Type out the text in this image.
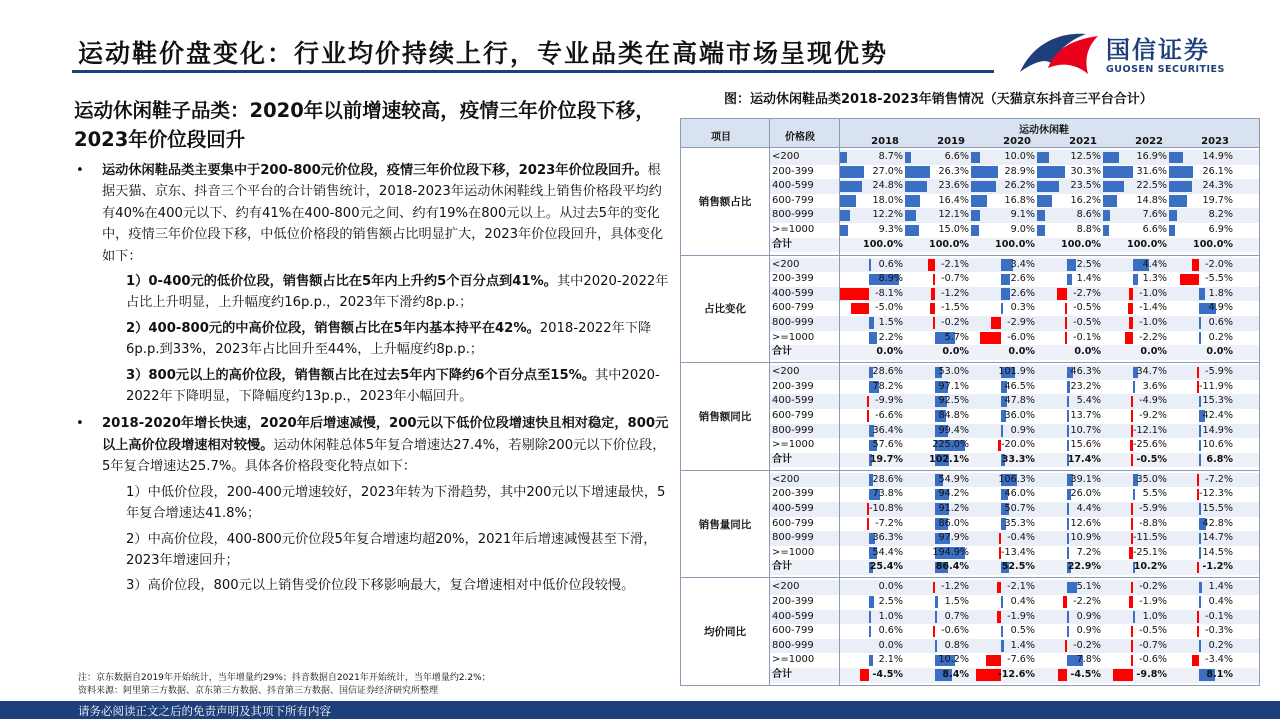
运动鞋价盘变化：行业均价持续上行，专业品类在高端市场呈现优势	国信证券
GUOSEN SECURITIES
运动休闲鞋子品类：2020年以前增速较高，疫情三年价位段下移，2023年价位段回升
• 运动休闲鞋品类主要集中于200-800元价位段，疫情三年价位段下移，2023年价位段回升。根据天猫、京东、抖音三个平台的合计销售统计，2018-2023年运动休闲鞋线上销售价格段平均约有40%在400元以下、约有41%在400-800元之间、约有19%在800元以上。从过去5年的变化中，疫情三年价位段下移，中低位价格段的销售额占比明显扩大，2023年价位段回升，具体变化如下：
1）0-400元的低价位段，销售额占比在5年内上升约5个百分点到41%。其中2020-2022年占比上升明显，上升幅度约16p.p.，2023年下滑约8p.p.；
2）400-800元的中高价位段，销售额占比在5年内基本持平在42%。2018-2022年下降6p.p.到33%，2023年占比回升至44%，上升幅度约8p.p.；
3）800元以上的高价位段，销售额占比在过去5年内下降约6个百分点至15%。其中2020-2022年下降明显，下降幅度约13p.p.，2023年小幅回升。
• 2018-2020年增长快速，2020年后增速减慢，200元以下低价位段增速快且相对稳定，800元以上高价位段增速相对较慢。运动休闲鞋总体5年复合增速达27.4%，若剔除200元以下价位段，5年复合增速达25.7%。具体各价格段变化特点如下：
1）中低价位段，200-400元增速较好，2023年转为下滑趋势，其中200元以下增速最快，5年复合增速达41.8%；
2）中高价位段，400-800元价位段5年复合增速均超20%，2021年后增速减慢甚至下滑，2023年增速回升；
3）高价位段，800元以上销售受价位段下移影响最大，复合增速相对中低价位段较慢。
注：京东数据自2019年开始统计，当年增量约29%；抖音数据自2021年开始统计，当年增量约2.2%；
资料来源：阿里第三方数据、京东第三方数据、抖音第三方数据、国信证券经济研究所整理
请务必阅读正文之后的免责声明及其项下所有内容
图：运动休闲鞋品类2018-2023年销售情况（天猫京东抖音三平台合计）
项目	价格段
运动休闲鞋
2018	2019	2020	2021	2022	2023
销售额占比
<200	8.7%	6.6%	10.0%	12.5%	16.9%	14.9%
200-399	27.0%	26.3%	28.9%	30.3%	31.6%	26.1%
400-599	24.8%	23.6%	26.2%	23.5%	22.5%	24.3%
600-799	18.0%	16.4%	16.8%	16.2%	14.8%	19.7%
800-999	12.2%	12.1%	9.1%	8.6%	7.6%	8.2%
>=1000	9.3%	15.0%	9.0%	8.8%	6.6%	6.9%
合计	100.0%	100.0%	100.0%	100.0%	100.0%	100.0%
占比变化
<200	0.6%	-2.1%	3.4%	2.5%	4.4%	-2.0%
200-399	8.9%	-0.7%	2.6%	1.4%	1.3%	-5.5%
400-599	-8.1%	-1.2%	2.6%	-2.7%	-1.0%	1.8%
600-799	-5.0%	-1.5%	0.3%	-0.5%	-1.4%	4.9%
800-999	1.5%	-0.2%	-2.9%	-0.5%	-1.0%	0.6%
>=1000	2.2%	5.7%	-6.0%	-0.1%	-2.2%	0.2%
合计	0.0%	0.0%	0.0%	0.0%	0.0%	0.0%
销售额同比
<200	28.6%	53.0%	101.9%	46.3%	34.7%	-5.9%
200-399	78.2%	97.1%	46.5%	23.2%	3.6%	-11.9%
400-599	-9.9%	92.5%	47.8%	5.4%	-4.9%	15.3%
600-799	-6.6%	84.8%	36.0%	13.7%	-9.2%	42.4%
800-999	36.4%	99.4%	0.9%	10.7%	-12.1%	14.9%
>=1000	57.6%	225.0%	-20.0%	15.6%	-25.6%	10.6%
合计	19.7%	102.1%	33.3%	17.4%	-0.5%	6.8%
销售量同比
<200	28.6%	54.9%	106.3%	39.1%	35.0%	-7.2%
200-399	73.8%	94.2%	46.0%	26.0%	5.5%	-12.3%
400-599	-10.8%	91.2%	50.7%	4.4%	-5.9%	15.5%
600-799	-7.2%	86.0%	35.3%	12.6%	-8.8%	42.8%
800-999	36.3%	97.9%	-0.4%	10.9%	-11.5%	14.7%
>=1000	54.4%	194.9%	-13.4%	7.2%	-25.1%	14.5%
合计	25.4%	86.4%	52.5%	22.9%	10.2%	-1.2%
均价同比
<200	0.0%	-1.2%	-2.1%	5.1%	-0.2%	1.4%
200-399	2.5%	1.5%	0.4%	-2.2%	-1.9%	0.4%
400-599	1.0%	0.7%	-1.9%	0.9%	1.0%	-0.1%
600-799	0.6%	-0.6%	0.5%	0.9%	-0.5%	-0.3%
800-999	0.0%	0.8%	1.4%	-0.2%	-0.7%	0.2%
>=1000	2.1%	10.2%	-7.6%	7.8%	-0.6%	-3.4%
合计	-4.5%	8.4%	-12.6%	-4.5%	-9.8%	8.1%
